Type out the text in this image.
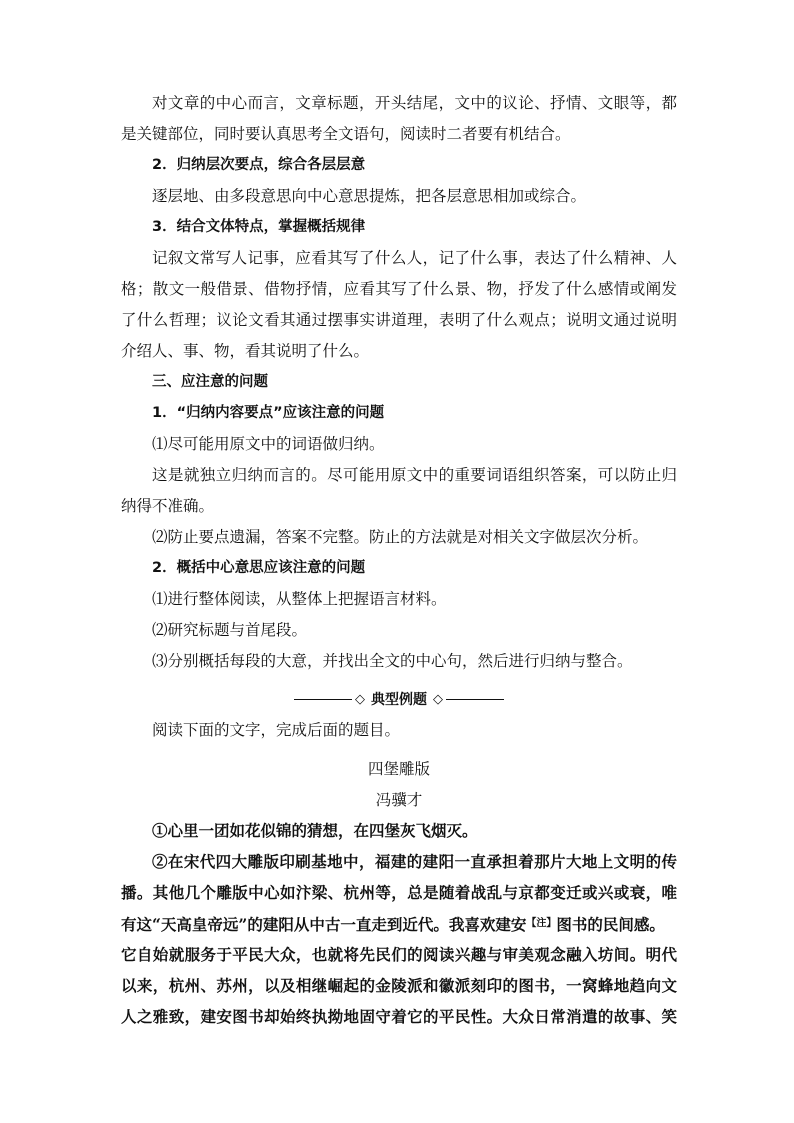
对文章的中心而言，文章标题，开头结尾，文中的议论、抒情、文眼等，都
是关键部位，同时要认真思考全文语句，阅读时二者要有机结合。
2．归纳层次要点，综合各层层意
逐层地、由多段意思向中心意思提炼，把各层意思相加或综合。
3．结合文体特点，掌握概括规律
记叙文常写人记事，应看其写了什么人，记了什么事，表达了什么精神、人
格；散文一般借景、借物抒情，应看其写了什么景、物，抒发了什么感情或阐发
了什么哲理；议论文看其通过摆事实讲道理，表明了什么观点；说明文通过说明
介绍人、事、物，看其说明了什么。
三、应注意的问题
1．“归纳内容要点”应该注意的问题
⑴尽可能用原文中的词语做归纳。
这是就独立归纳而言的。尽可能用原文中的重要词语组织答案，可以防止归
纳得不准确。
⑵防止要点遗漏，答案不完整。防止的方法就是对相关文字做层次分析。
2．概括中心意思应该注意的问题
⑴进行整体阅读，从整体上把握语言材料。
⑵研究标题与首尾段。
⑶分别概括每段的大意，并找出全文的中心句，然后进行归纳与整合。
◇ 典型例题 ◇
阅读下面的文字，完成后面的题目。
四堡雕版
冯骥才
①心里一团如花似锦的猜想，在四堡灰飞烟灭。
②在宋代四大雕版印刷基地中，福建的建阳一直承担着那片大地上文明的传
播。其他几个雕版中心如汴梁、杭州等，总是随着战乱与京都变迁或兴或衰，唯
有这“天高皇帝远”的建阳从中古一直走到近代。我喜欢建安$^{【注】}$图书的民间感。
它自始就服务于平民大众，也就将先民们的阅读兴趣与审美观念融入坊间。明代
以来，杭州、苏州，以及相继崛起的金陵派和徽派刻印的图书，一窝蜂地趋向文
人之雅致，建安图书却始终执拗地固守着它的平民性。大众日常消遣的故事、笑
